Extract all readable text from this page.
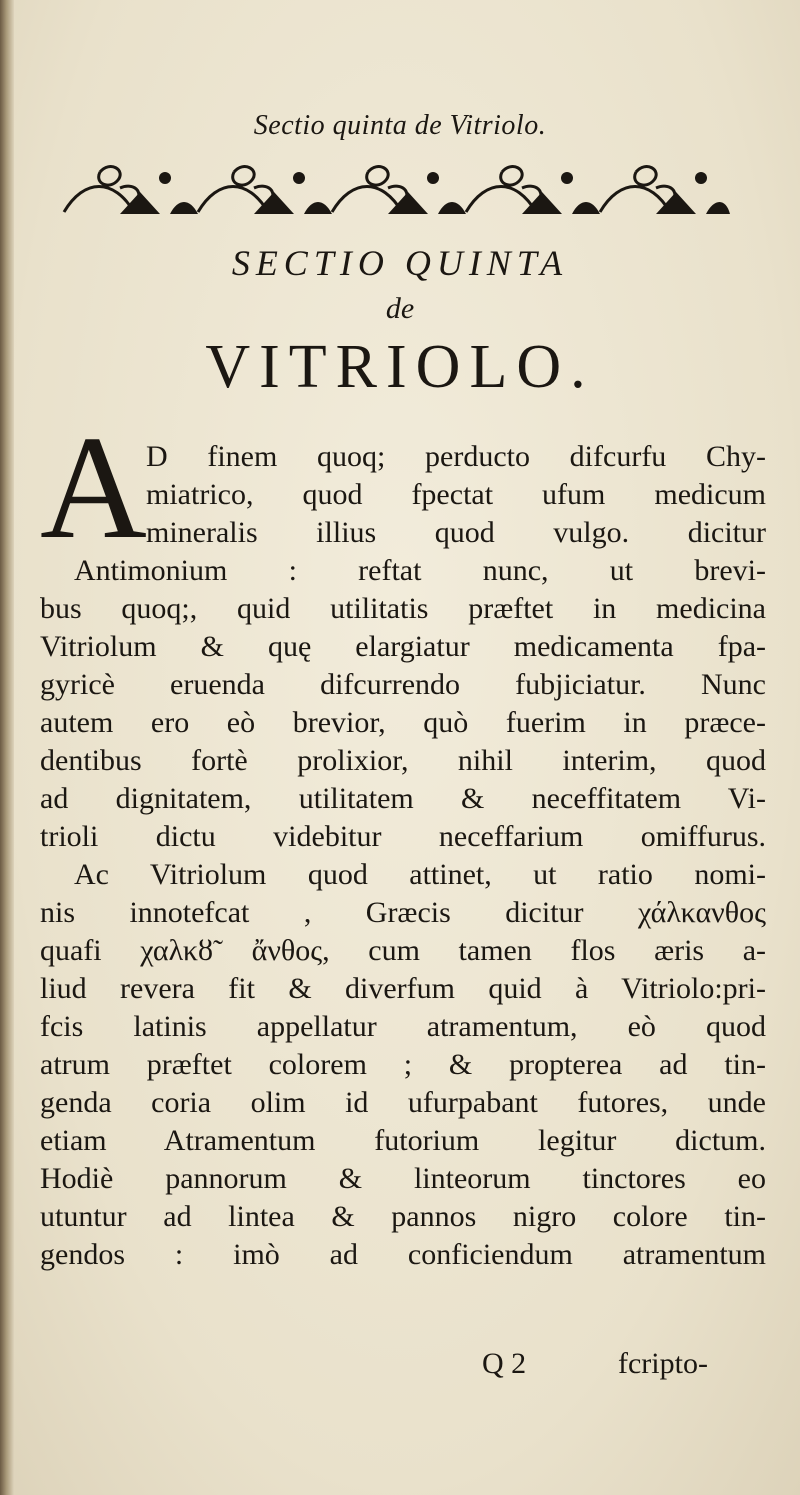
Sectio quinta de Vitriolo.
SECTIO QUINTA
de
VITRIOLO.
A D finem quoq; perducto difcurfu Chy-
miatrico, quod fpectat ufum medicum
mineralis illius quod vulgo. dicitur
Antimonium : reftat nunc, ut brevi-
bus quoq;, quid utilitatis præftet in medicina
Vitriolum & quę elargiatur medicamenta fpa-
gyricè eruenda difcurrendo fubjiciatur. Nunc
autem ero eò brevior, quò fuerim in præce-
dentibus fortè prolixior, nihil interim, quod
ad dignitatem, utilitatem & neceffitatem Vi-
trioli dictu videbitur neceffarium omiffurus.
Ac Vitriolum quod attinet, ut ratio nomi-
nis innotefcat , Græcis dicitur χάλκανθος
quafi χαλκȣ̃ ἄνθος, cum tamen flos æris a-
liud revera fit & diverfum quid à Vitriolo:pri-
fcis latinis appellatur atramentum, eò quod
atrum præftet colorem ; & propterea ad tin-
genda coria olim id ufurpabant futores, unde
etiam Atramentum futorium legitur dictum.
Hodiè pannorum & linteorum tinctores eo
utuntur ad lintea & pannos nigro colore tin-
gendos : imò ad conficiendum atramentum
Q 2	fcripto-
